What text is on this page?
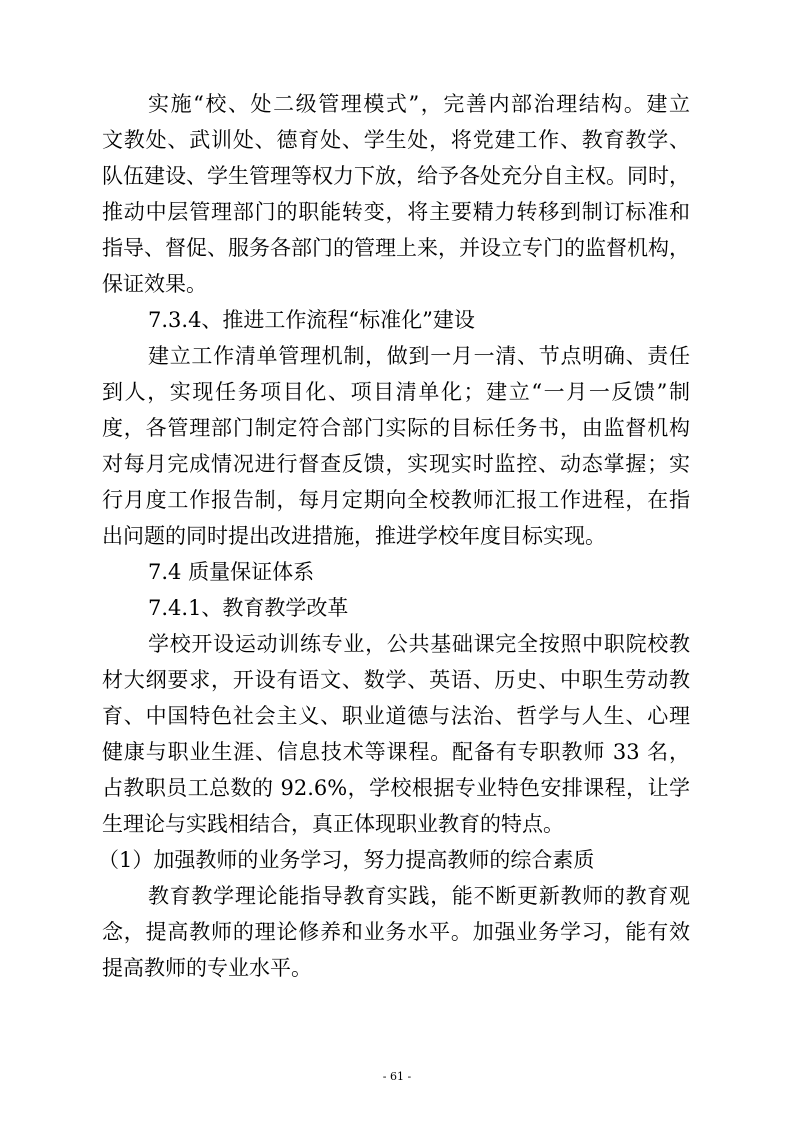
实施“校、处二级管理模式”，完善内部治理结构。建立
文教处、武训处、德育处、学生处，将党建工作、教育教学、
队伍建设、学生管理等权力下放，给予各处充分自主权。同时，
推动中层管理部门的职能转变，将主要精力转移到制订标准和
指导、督促、服务各部门的管理上来，并设立专门的监督机构，
保证效果。
7.3.4、推进工作流程“标准化”建设
建立工作清单管理机制，做到一月一清、节点明确、责任
到人，实现任务项目化、项目清单化；建立“一月一反馈”制
度，各管理部门制定符合部门实际的目标任务书，由监督机构
对每月完成情况进行督查反馈，实现实时监控、动态掌握；实
行月度工作报告制，每月定期向全校教师汇报工作进程，在指
出问题的同时提出改进措施，推进学校年度目标实现。
7.4 质量保证体系
7.4.1、教育教学改革
学校开设运动训练专业，公共基础课完全按照中职院校教
材大纲要求，开设有语文、数学、英语、历史、中职生劳动教
育、中国特色社会主义、职业道德与法治、哲学与人生、心理
健康与职业生涯、信息技术等课程。配备有专职教师 33 名，
占教职员工总数的 92.6%，学校根据专业特色安排课程，让学
生理论与实践相结合，真正体现职业教育的特点。
（1）加强教师的业务学习，努力提高教师的综合素质
教育教学理论能指导教育实践，能不断更新教师的教育观
念，提高教师的理论修养和业务水平。加强业务学习，能有效
提高教师的专业水平。
- 61 -
